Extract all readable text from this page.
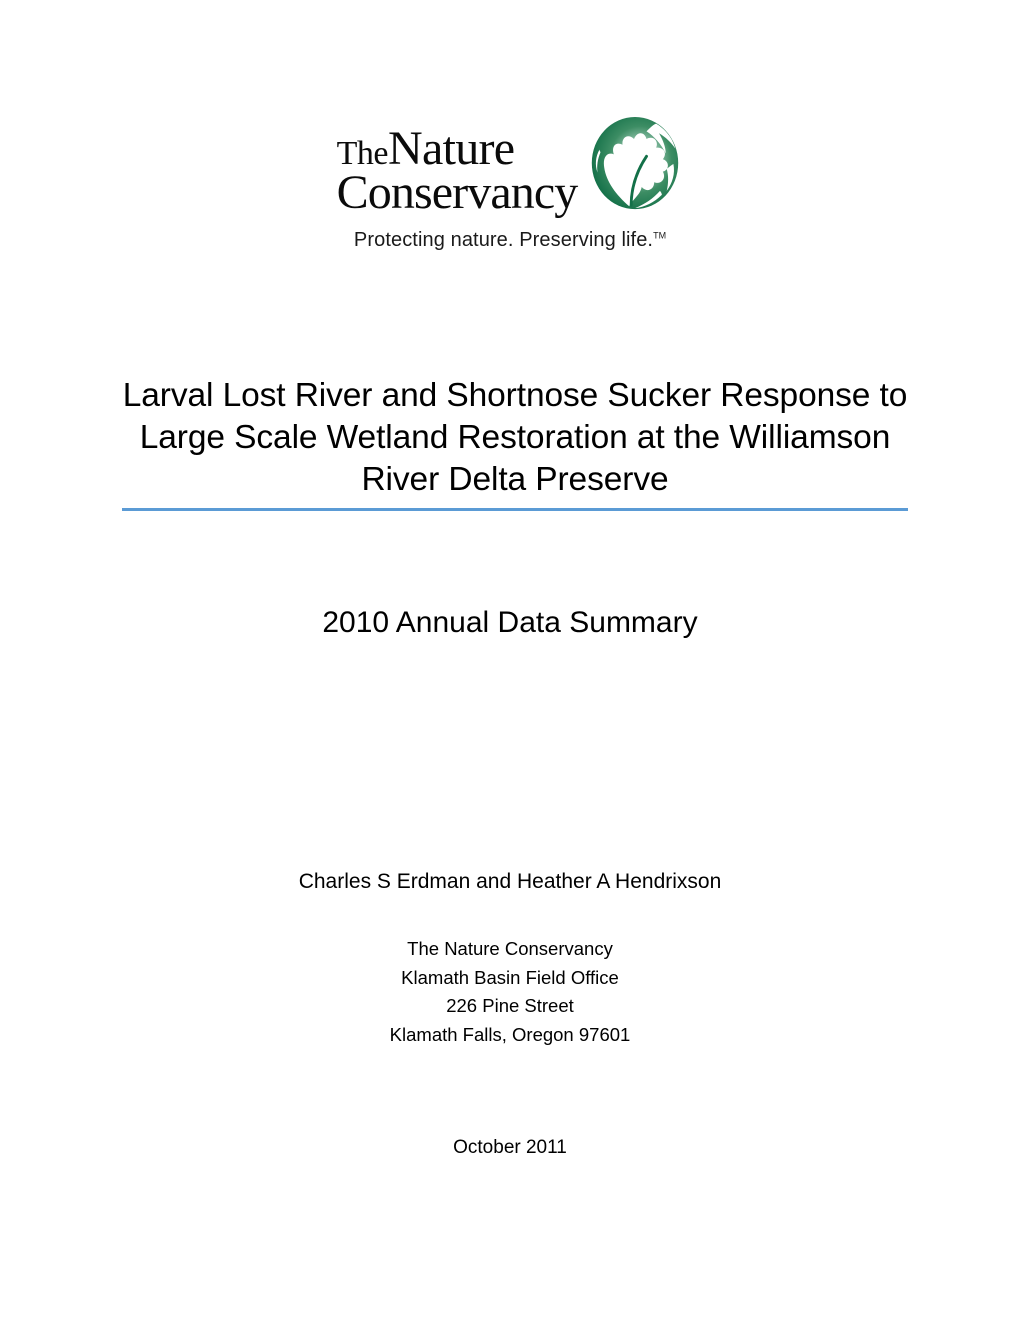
TheNature
Conservancy
Protecting nature. Preserving life.™
Larval Lost River and Shortnose Sucker Response to Large Scale Wetland Restoration at the Williamson River Delta Preserve
2010 Annual Data Summary
Charles S Erdman and Heather A Hendrixson
The Nature Conservancy
Klamath Basin Field Office
226 Pine Street
Klamath Falls, Oregon 97601
October 2011
